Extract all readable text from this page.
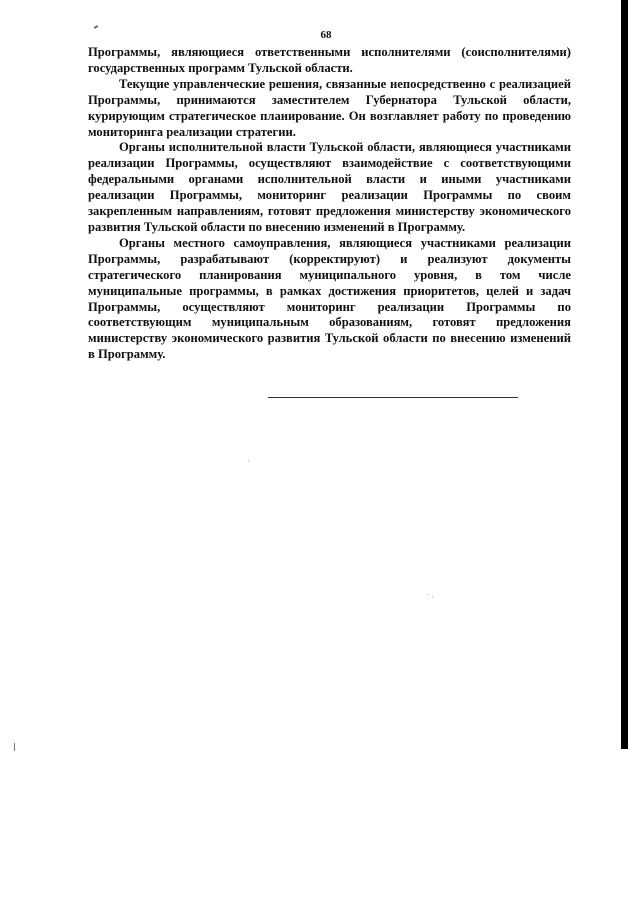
68

Программы, являющиеся ответственными исполнителями (соисполнителями) государственных программ Тульской области.

Текущие управленческие решения, связанные непосредственно с реализацией Программы, принимаются заместителем Губернатора Тульской области, курирующим стратегическое планирование. Он возглавляет работу по проведению мониторинга реализации стратегии.

Органы исполнительной власти Тульской области, являющиеся участниками реализации Программы, осуществляют взаимодействие с соответствующими федеральными органами исполнительной власти и иными участниками реализации Программы, мониторинг реализации Программы по своим закрепленным направлениям, готовят предложения министерству экономического развития Тульской области по внесению изменений в Программу.

Органы местного самоуправления, являющиеся участниками реализации Программы, разрабатывают (корректируют) и реализуют документы стратегического планирования муниципального уровня, в том числе муниципальные программы, в рамках достижения приоритетов, целей и задач Программы, осуществляют мониторинг реализации Программы по соответствующим муниципальным образованиям, готовят предложения министерству экономического развития Тульской области по внесению изменений в Программу.
